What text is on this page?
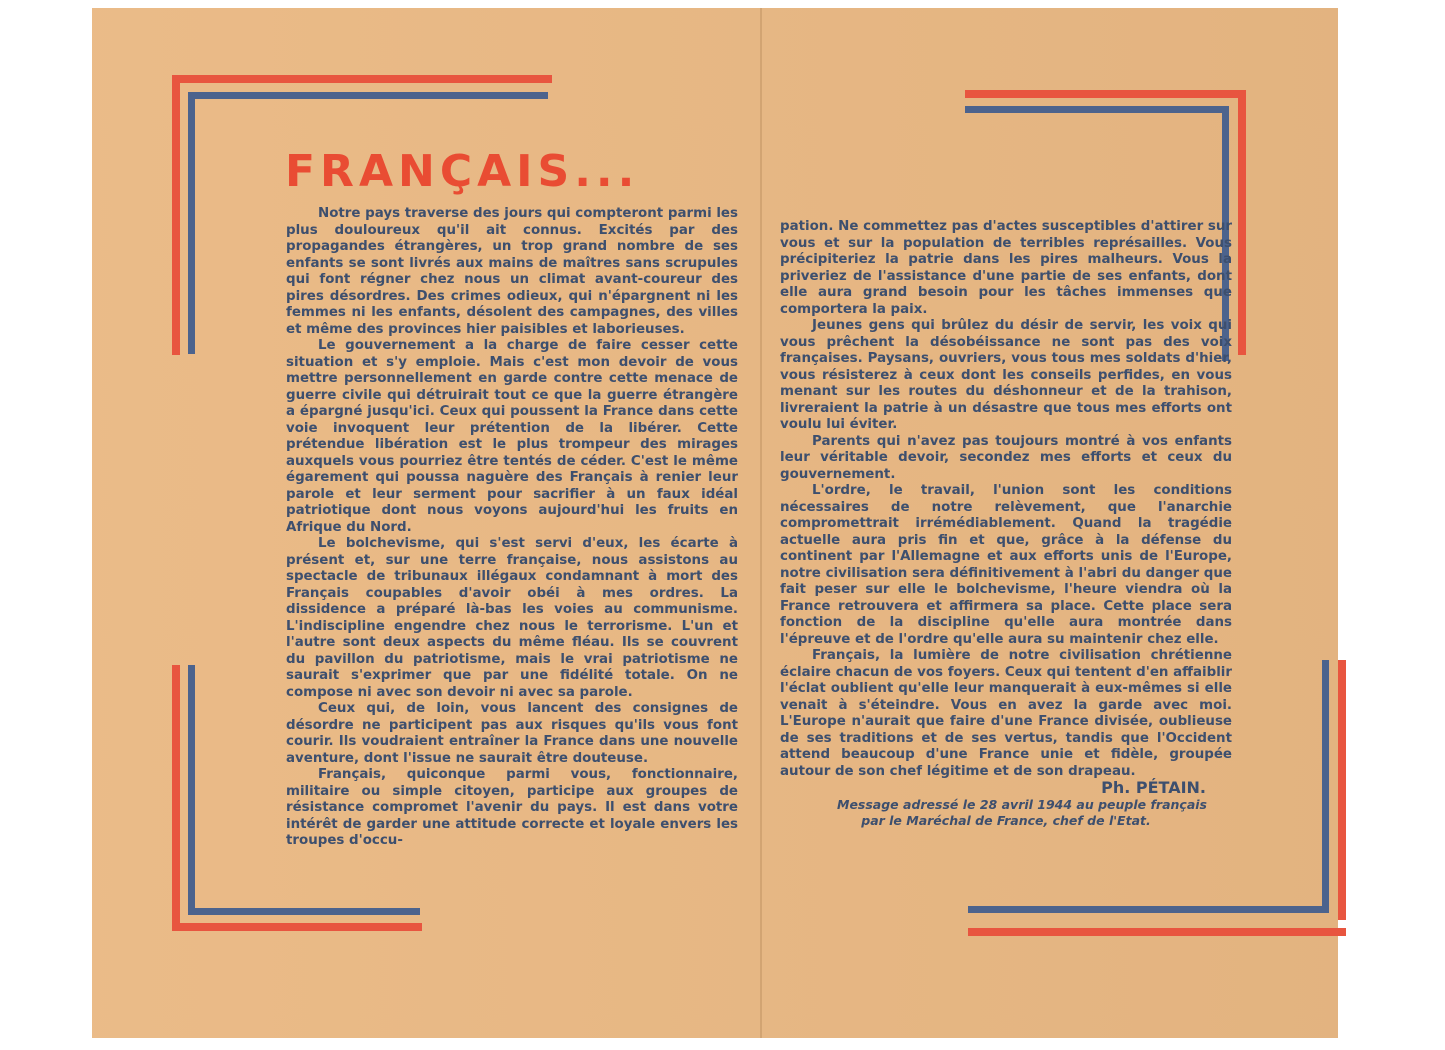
FRANÇAIS...

Notre pays traverse des jours qui compteront parmi les plus douloureux qu'il ait connus. Excités par des propagandes étrangères, un trop grand nombre de ses enfants se sont livrés aux mains de maîtres sans scrupules qui font régner chez nous un climat avant-coureur des pires désordres. Des crimes odieux, qui n'épargnent ni les femmes ni les enfants, désolent des campagnes, des villes et même des provinces hier paisibles et laborieuses.

Le gouvernement a la charge de faire cesser cette situation et s'y emploie. Mais c'est mon devoir de vous mettre personnellement en garde contre cette menace de guerre civile qui détruirait tout ce que la guerre étrangère a épargné jusqu'ici. Ceux qui poussent la France dans cette voie invoquent leur prétention de la libérer. Cette prétendue libération est le plus trompeur des mirages auxquels vous pourriez être tentés de céder. C'est le même égarement qui poussa naguère des Français à renier leur parole et leur serment pour sacrifier à un faux idéal patriotique dont nous voyons aujourd'hui les fruits en Afrique du Nord.

Le bolchevisme, qui s'est servi d'eux, les écarte à présent et, sur une terre française, nous assistons au spectacle de tribunaux illégaux condamnant à mort des Français coupables d'avoir obéi à mes ordres. La dissidence a préparé là-bas les voies au communisme. L'indiscipline engendre chez nous le terrorisme. L'un et l'autre sont deux aspects du même fléau. Ils se couvrent du pavillon du patriotisme, mais le vrai patriotisme ne saurait s'exprimer que par une fidélité totale. On ne compose ni avec son devoir ni avec sa parole.

Ceux qui, de loin, vous lancent des consignes de désordre ne participent pas aux risques qu'ils vous font courir. Ils voudraient entraîner la France dans une nouvelle aventure, dont l'issue ne saurait être douteuse.

Français, quiconque parmi vous, fonctionnaire, militaire ou simple citoyen, participe aux groupes de résistance compromet l'avenir du pays. Il est dans votre intérêt de garder une attitude correcte et loyale envers les troupes d'occu-

pation. Ne commettez pas d'actes susceptibles d'attirer sur vous et sur la population de terribles représailles. Vous précipiteriez la patrie dans les pires malheurs. Vous la priveriez de l'assistance d'une partie de ses enfants, dont elle aura grand besoin pour les tâches immenses que comportera la paix.

Jeunes gens qui brûlez du désir de servir, les voix qui vous prêchent la désobéissance ne sont pas des voix françaises. Paysans, ouvriers, vous tous mes soldats d'hier, vous résisterez à ceux dont les conseils perfides, en vous menant sur les routes du déshonneur et de la trahison, livreraient la patrie à un désastre que tous mes efforts ont voulu lui éviter.

Parents qui n'avez pas toujours montré à vos enfants leur véritable devoir, secondez mes efforts et ceux du gouvernement.

L'ordre, le travail, l'union sont les conditions nécessaires de notre relèvement, que l'anarchie compromettrait irrémédiablement. Quand la tragédie actuelle aura pris fin et que, grâce à la défense du continent par l'Allemagne et aux efforts unis de l'Europe, notre civilisation sera définitivement à l'abri du danger que fait peser sur elle le bolchevisme, l'heure viendra où la France retrouvera et affirmera sa place. Cette place sera fonction de la discipline qu'elle aura montrée dans l'épreuve et de l'ordre qu'elle aura su maintenir chez elle.

Français, la lumière de notre civilisation chrétienne éclaire chacun de vos foyers. Ceux qui tentent d'en affaiblir l'éclat oublient qu'elle leur manquerait à eux-mêmes si elle venait à s'éteindre. Vous en avez la garde avec moi. L'Europe n'aurait que faire d'une France divisée, oublieuse de ses traditions et de ses vertus, tandis que l'Occident attend beaucoup d'une France unie et fidèle, groupée autour de son chef légitime et de son drapeau.

Ph. PÉTAIN.

Message adressé le 28 avril 1944 au peuple français
par le Maréchal de France, chef de l'Etat.
